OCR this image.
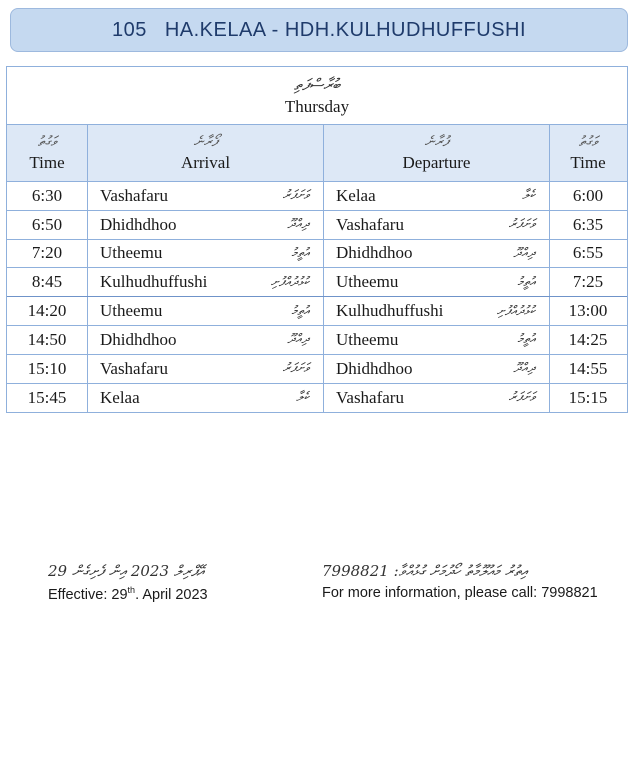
105 HA.KELAA - HDH.KULHUDHUFFUSHI
ބުރާސްފަތި
Thursday
ވަގުތު
Time
ފޯރާނެ
Arrival
ފުރާނެ
Departure
ވަގުތު
Time
6:30	Vashafaru	ވަށަފަރު Kelaa	ކެލާ	6:00
6:50	Dhidhdhoo	ދިއްދޫ Vashafaru	ވަށަފަރު	6:35
7:20	Utheemu	އުތީމު Dhidhdhoo	ދިއްދޫ	6:55
8:45	Kulhudhuffushi	ކުޅުދުއްފުށި Utheemu	އުތީމު	7:25
14:20	Utheemu	އުތީމު Kulhudhuffushi	ކުޅުދުއްފުށި	13:00
14:50	Dhidhdhoo	ދިއްދޫ Utheemu	އުތީމު	14:25
15:10	Vashafaru	ވަށަފަރު Dhidhdhoo	ދިއްދޫ	14:55
15:45	Kelaa	ކެލާ Vashafaru	ވަށަފަރު	15:15
29 އޭޕްރިލް 2023 އިން ފެށިގެން
Effective: 29th. April 2023
އިތުރު މައުލޫމާތު ހޯދުމަށް ގުޅުއްވާ: 7998821
For more information, please call: 7998821
